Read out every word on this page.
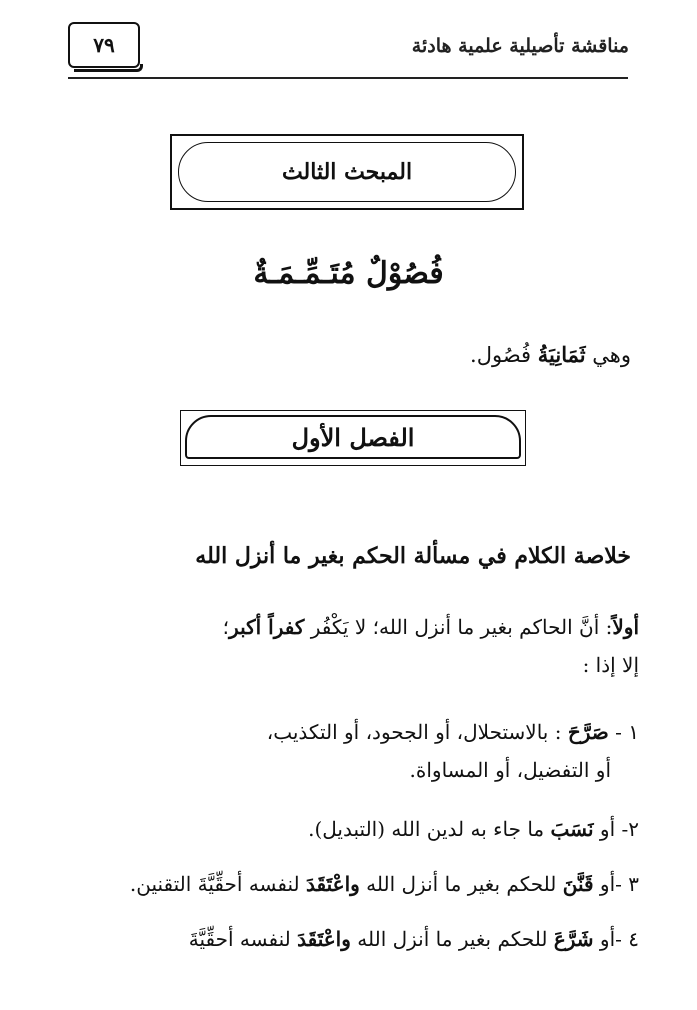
٧٩	مناقشة تأصيلية علمية هادئة
المبحث الثالث
فُصُوْلٌ مُتَـمِّـمَـةٌ
وهي ثَمَانِيَةُ فُصُول.
الفصل الأول
خلاصة الكلام في مسألة الحكم بغير ما أنزل الله
أولاً: أنَّ الحاكم بغير ما أنزل الله؛ لا يَكْفُر كفراً أكبر؛
إلا إذا :
١ - صَرَّحَ : بالاستحلال، أو الجحود، أو التكذيب،
أو التفضيل، أو المساواة.
٢- أو نَسَبَ ما جاء به لدين الله (التبديل).
٣ -أو قَنَّنَ للحكم بغير ما أنزل الله واعْتَقَدَ لنفسه أحقِّيَّةَ التقنين.
٤ -أو شَرَّعَ للحكم بغير ما أنزل الله واعْتَقَدَ لنفسه أحقِّيَّةَ
